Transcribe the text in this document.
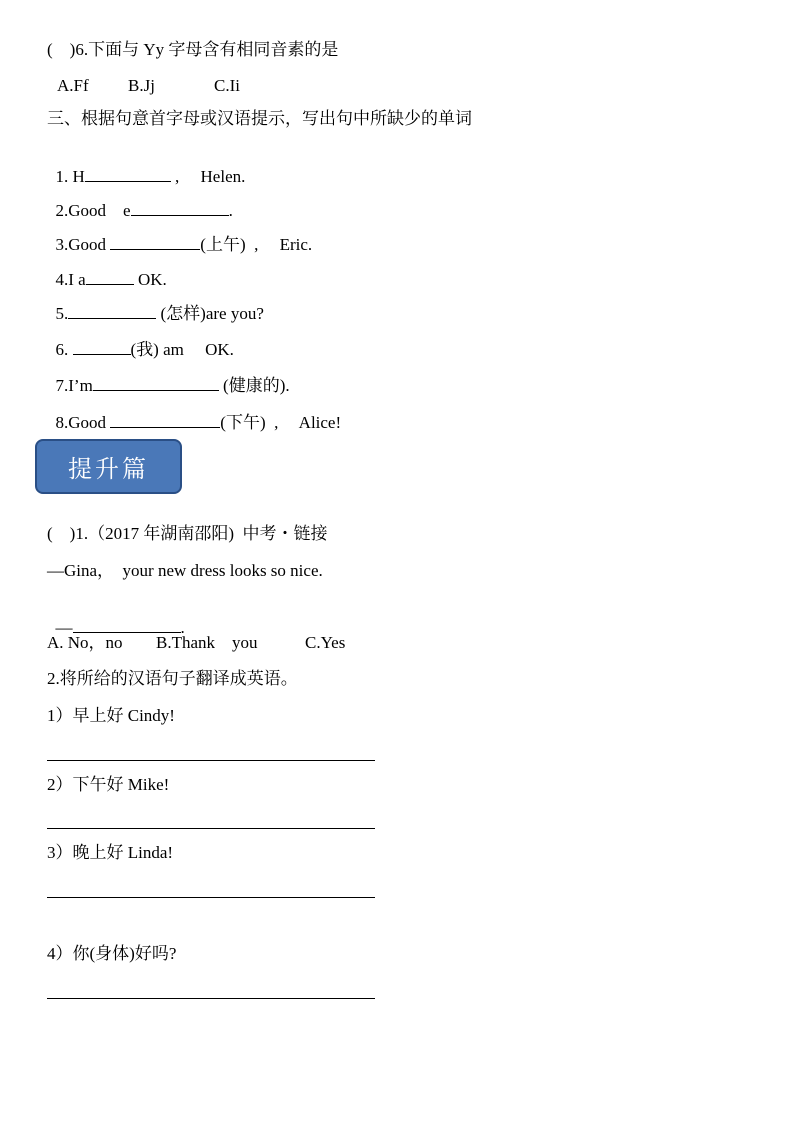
(    )6.下面与 Yy 字母含有相同音素的是
A.Ff B.Jj	C.Ii
三、根据句意首字母或汉语提示，写出句中所缺少的单词

1. H	,     Helen.

2.Good    e	.

3.Good	(上午)  ,     Eric.

4.I a	OK.

5.	(怎样)are you?

6.	(我) am     OK.

7.I’m	(健康的).

8.Good	(下午)  ,     Alice!

提升篇
(    )1.（2017 年湖南邵阳)  中考・链接
—Gina，  your new dress looks so nice.

—	.

A. No，no B.Thank    you	C.Yes
2.将所给的汉语句子翻译成英语。
1）早上好 Cindy!
2）下午好 Mike!
3）晚上好 Linda!
4）你(身体)好吗?
